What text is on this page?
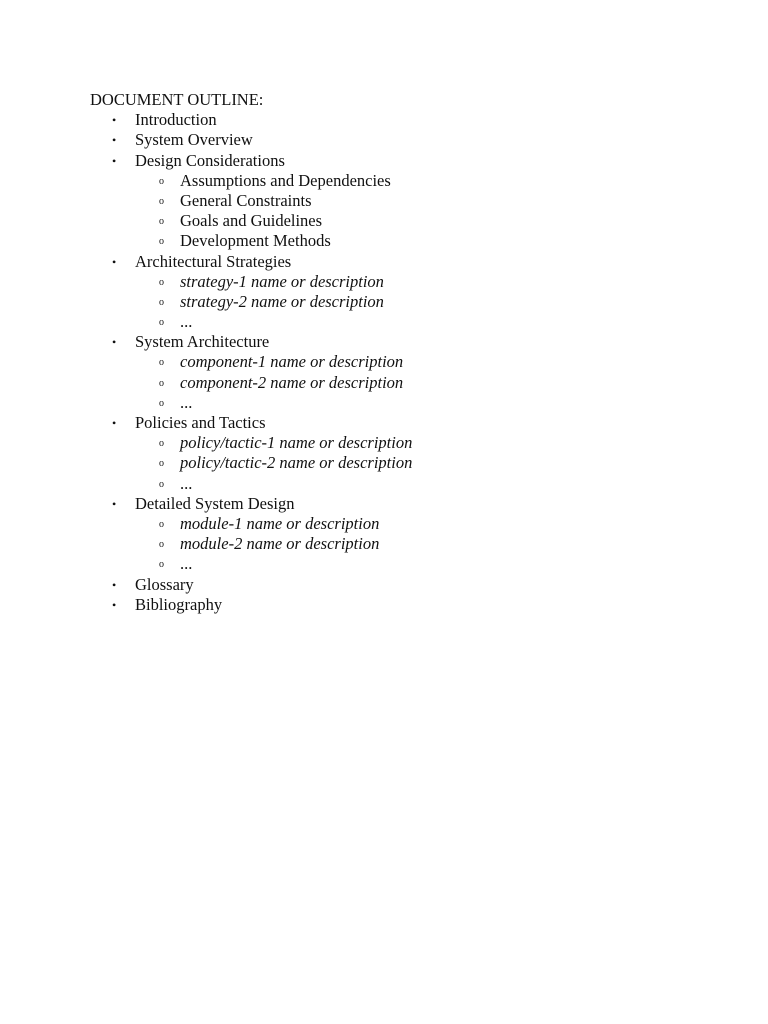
DOCUMENT OUTLINE:
•	Introduction
•	System Overview
•	Design Considerations
o Assumptions and Dependencies
o General Constraints
o Goals and Guidelines
o Development Methods
•	Architectural Strategies
o strategy-1 name or description
o strategy-2 name or description
o ...
•	System Architecture
o component-1 name or description
o component-2 name or description
o ...
•	Policies and Tactics
o policy/tactic-1 name or description
o policy/tactic-2 name or description
o ...
•	Detailed System Design
o module-1 name or description
o module-2 name or description
o ...
•	Glossary
•	Bibliography
